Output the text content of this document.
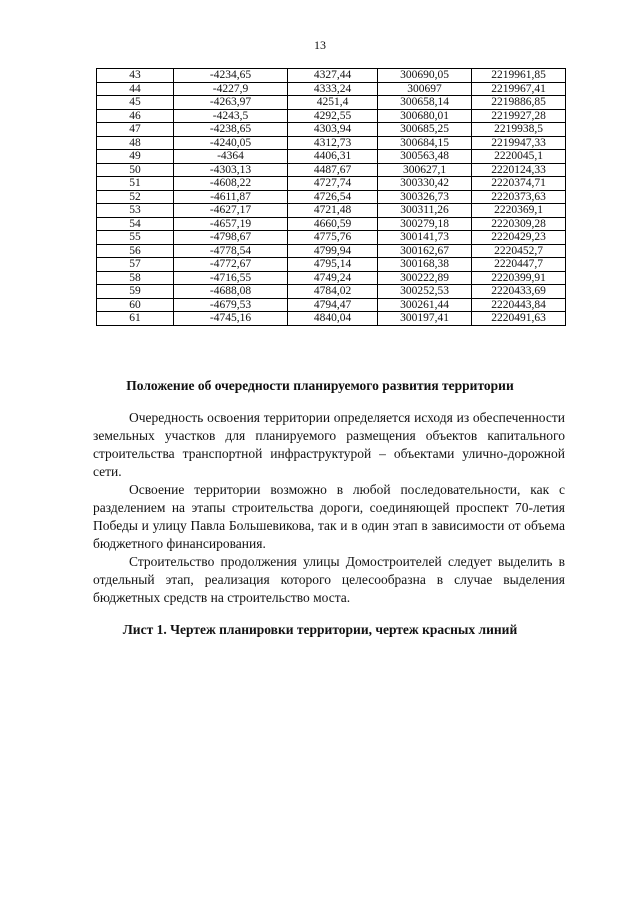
13
43	-4234,65	4327,44	300690,05	2219961,85
44	-4227,9	4333,24	300697	2219967,41
45	-4263,97	4251,4	300658,14	2219886,85
46	-4243,5	4292,55	300680,01	2219927,28
47	-4238,65	4303,94	300685,25	2219938,5
48	-4240,05	4312,73	300684,15	2219947,33
49	-4364	4406,31	300563,48	2220045,1
50	-4303,13	4487,67	300627,1	2220124,33
51	-4608,22	4727,74	300330,42	2220374,71
52	-4611,87	4726,54	300326,73	2220373,63
53	-4627,17	4721,48	300311,26	2220369,1
54	-4657,19	4660,59	300279,18	2220309,28
55	-4798,67	4775,76	300141,73	2220429,23
56	-4778,54	4799,94	300162,67	2220452,7
57	-4772,67	4795,14	300168,38	2220447,7
58	-4716,55	4749,24	300222,89	2220399,91
59	-4688,08	4784,02	300252,53	2220433,69
60	-4679,53	4794,47	300261,44	2220443,84
61	-4745,16	4840,04	300197,41	2220491,63
Положение об очередности планируемого развития территории

Очередность освоения территории определяется исходя из обеспеченности земельных участков для планируемого размещения объектов капитального строительства транспортной инфраструктурой – объектами улично-дорожной сети.

Освоение территории возможно в любой последовательности, как с разделением на этапы строительства дороги, соединяющей проспект 70-летия Победы и улицу Павла Большевикова, так и в один этап в зависимости от объема бюджетного финансирования.

Строительство продолжения улицы Домостроителей следует выделить в отдельный этап, реализация которого целесообразна в случае выделения бюджетных средств на строительство моста.

Лист 1. Чертеж планировки территории, чертеж красных линий
